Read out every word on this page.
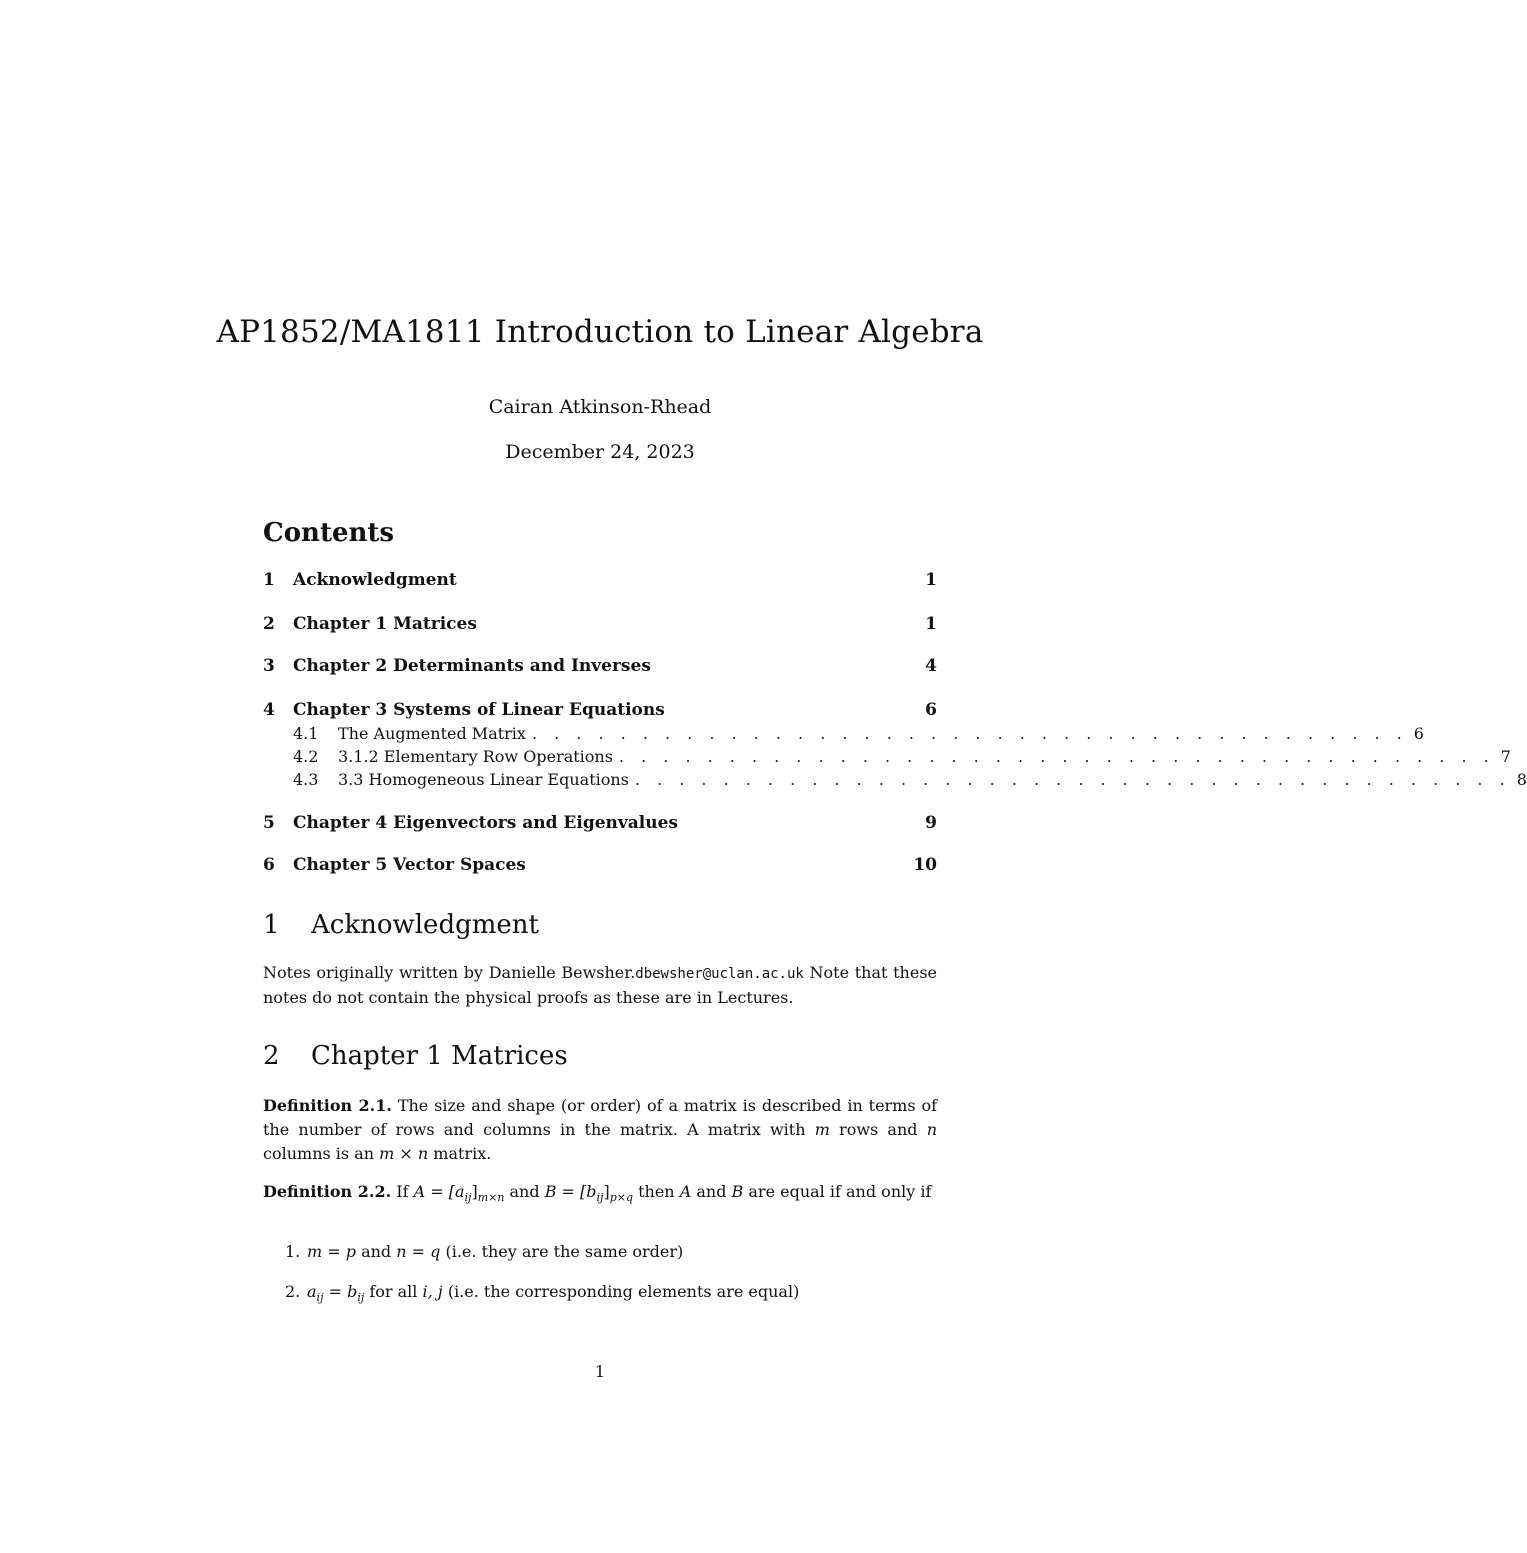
AP1852/MA1811 Introduction to Linear Algebra
Cairan Atkinson-Rhead
December 24, 2023
Contents
1	Acknowledgment	1
2	Chapter 1 Matrices	1
3	Chapter 2 Determinants and Inverses	4
4	Chapter 3 Systems of Linear Equations	6
4.1	The Augmented Matrix . . . . . . . . . . . . . . . . . . . . . . . . . . . . . . . . . . . . . . . . 6
4.2	3.1.2 Elementary Row Operations . . . . . . . . . . . . . . . . . . . . . . . . . . . . . . . . . . . . . . . . 7
4.3	3.3 Homogeneous Linear Equations . . . . . . . . . . . . . . . . . . . . . . . . . . . . . . . . . . . . . . . . 8
5	Chapter 4 Eigenvectors and Eigenvalues	9
6	Chapter 5 Vector Spaces	10
1 Acknowledgment
Notes originally written by Danielle Bewsher.dbewsher@uclan.ac.uk Note that these notes do not contain the physical proofs as these are in Lectures.
2 Chapter 1 Matrices
Definition 2.1. The size and shape (or order) of a matrix is described in terms of the number of rows and columns in the matrix. A matrix with m rows and n columns is an m × n matrix.
Definition 2.2. If $A = [a_{ij}]_{m\times n}$ and $B = [b_{ij}]_{p\times q}$ then A and B are equal if and only if
1. m = p and n = q (i.e. they are the same order)
2. $a_{ij} = b_{ij}$ for all i, j (i.e. the corresponding elements are equal)
1
